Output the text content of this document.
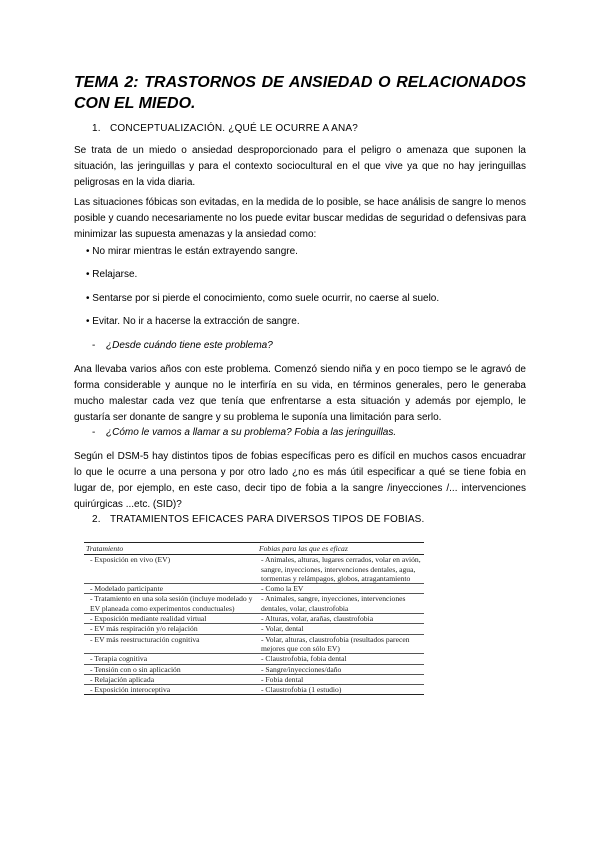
TEMA 2: TRASTORNOS DE ANSIEDAD O RELACIONADOS
CON EL MIEDO.
1. CONCEPTUALIZACIÓN. ¿QUÉ LE OCURRE A ANA?
Se trata de un miedo o ansiedad desproporcionado para el peligro o amenaza que suponen la situación, las jeringuillas y para el contexto sociocultural en el que vive ya que no hay jeringuillas peligrosas en la vida diaria.
Las situaciones fóbicas son evitadas, en la medida de lo posible, se hace análisis de sangre lo menos posible y cuando necesariamente no los puede evitar buscar medidas de seguridad o defensivas para minimizar las supuesta amenazas y la ansiedad como:
• No mirar mientras le están extrayendo sangre.
• Relajarse.
• Sentarse por si pierde el conocimiento, como suele ocurrir, no caerse al suelo.
• Evitar. No ir a hacerse la extracción de sangre.
- ¿Desde cuándo tiene este problema?
Ana llevaba varios años con este problema. Comenzó siendo niña y en poco tiempo se le agravó de forma considerable y aunque no le interfiría en su vida, en términos generales, pero le generaba mucho malestar cada vez que tenía que enfrentarse a esta situación y además por ejemplo, le gustaría ser donante de sangre y su problema le suponía una limitación para serlo.
- ¿Cómo le vamos a llamar a su problema? Fobia a las jeringuillas.
Según el DSM-5 hay distintos tipos de fobias específicas pero es difícil en muchos casos encuadrar lo que le ocurre a una persona y por otro lado ¿no es más útil especificar a qué se tiene fobia en lugar de, por ejemplo, en este caso, decir tipo de fobia a la sangre /inyecciones /... intervenciones quirúrgicas ...etc. (SID)?
2. TRATAMIENTOS EFICACES PARA DIVERSOS TIPOS DE FOBIAS.
Tratamiento	Fobias para las que es eficaz
- Exposición en vivo (EV)	- Animales, alturas, lugares cerrados, volar en avión, sangre, inyecciones, intervenciones dentales, agua, tormentas y relámpagos, globos, atragantamiento
- Modelado participante	- Como la EV
- Tratamiento en una sola sesión (incluye modelado y EV planeada como experimentos conductuales)	- Animales, sangre, inyecciones, intervenciones dentales, volar, claustrofobia
- Exposición mediante realidad virtual	- Alturas, volar, arañas, claustrofobia
- EV más respiración y/o relajación	- Volar, dental
- EV más reestructuración cognitiva	- Volar, alturas, claustrofobia (resultados parecen mejores que con sólo EV)
- Terapia cognitiva	- Claustrofobia, fobia dental
- Tensión con o sin aplicación	- Sangre/inyecciones/daño
- Relajación aplicada	- Fobia dental
- Exposición interoceptiva	- Claustrofobia (1 estudio)
